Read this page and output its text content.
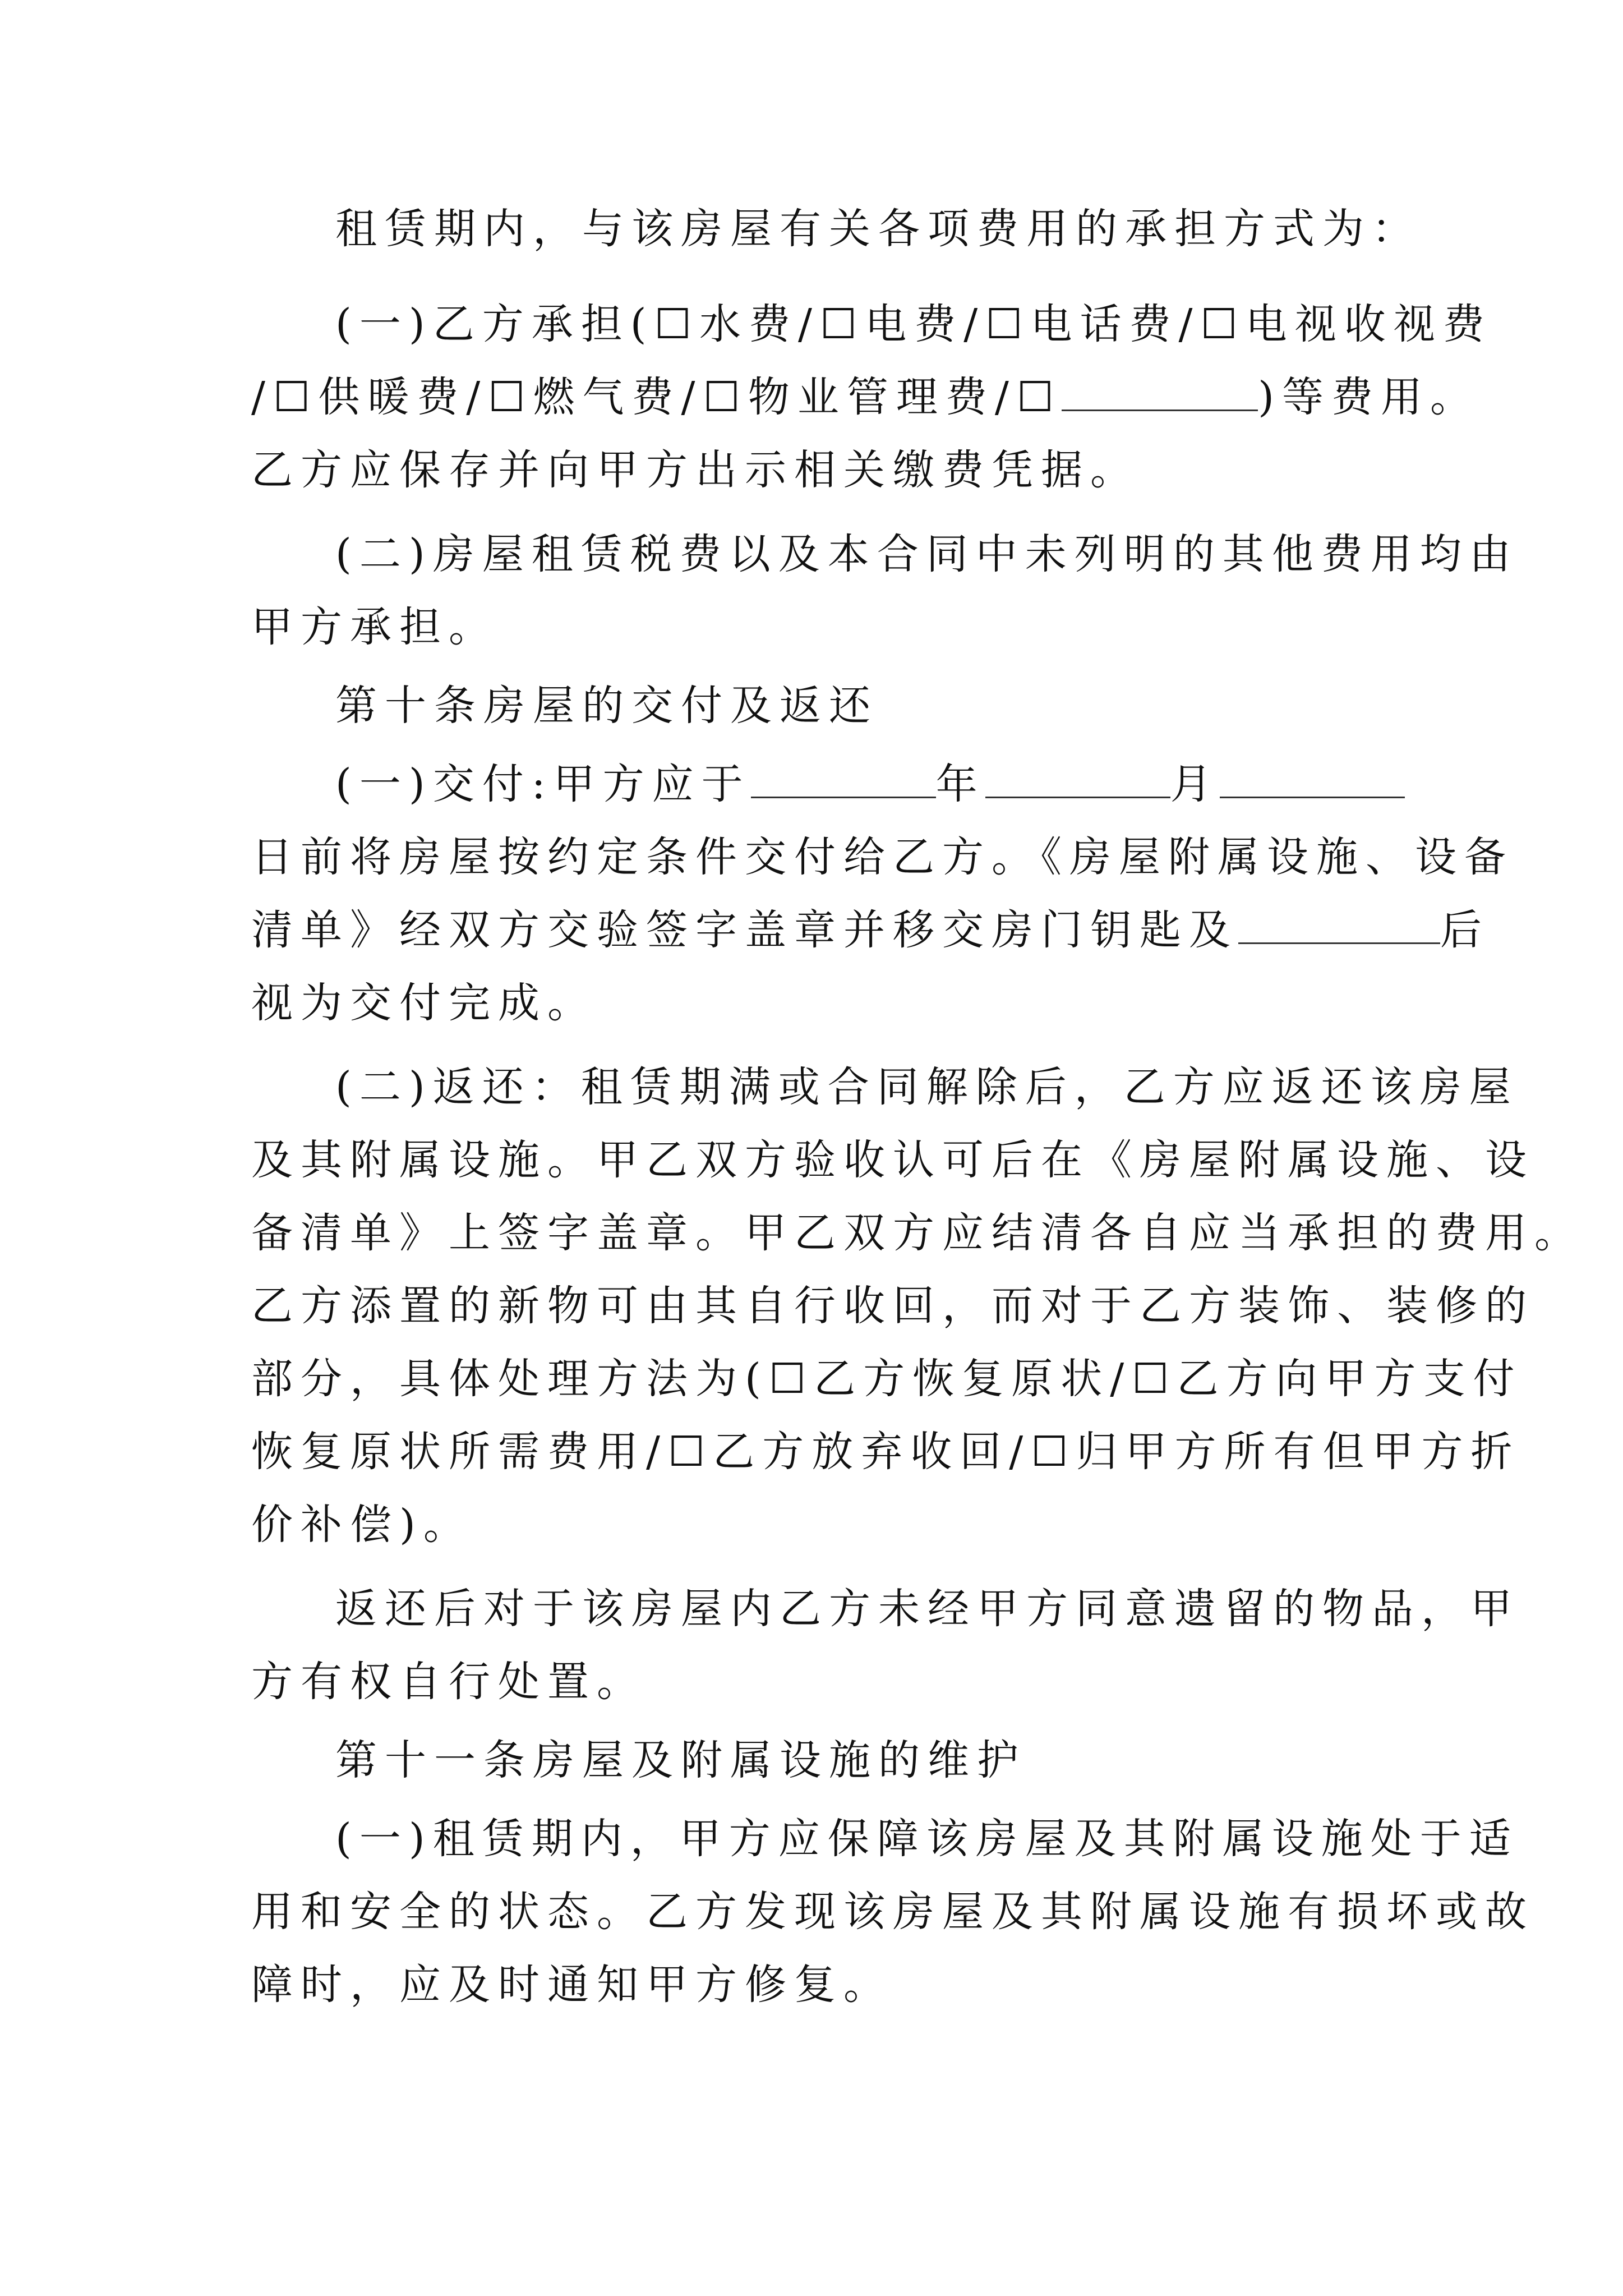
租赁期内，与该房屋有关各项费用的承担方式为：
(一)乙方承担(☐水费/☐电费/☐电话费/☐电视收视费
/☐供暖费/☐燃气费/☐物业管理费/☐	)等费用。
乙方应保存并向甲方出示相关缴费凭据。
(二)房屋租赁税费以及本合同中未列明的其他费用均由
甲方承担。
第十条房屋的交付及返还
(一)交付:甲方应于	年	月
日前将房屋按约定条件交付给乙方。《房屋附属设施、设备
清单》经双方交验签字盖章并移交房门钥匙及	后
视为交付完成。
(二)返还：租赁期满或合同解除后，乙方应返还该房屋
及其附属设施。甲乙双方验收认可后在《房屋附属设施、设
备清单》上签字盖章。甲乙双方应结清各自应当承担的费用。
乙方添置的新物可由其自行收回，而对于乙方装饰、装修的
部分，具体处理方法为(☐乙方恢复原状/☐乙方向甲方支付
恢复原状所需费用/☐乙方放弃收回/☐归甲方所有但甲方折
价补偿)。
返还后对于该房屋内乙方未经甲方同意遗留的物品，甲
方有权自行处置。
第十一条房屋及附属设施的维护
(一)租赁期内，甲方应保障该房屋及其附属设施处于适
用和安全的状态。乙方发现该房屋及其附属设施有损坏或故
障时，应及时通知甲方修复。
